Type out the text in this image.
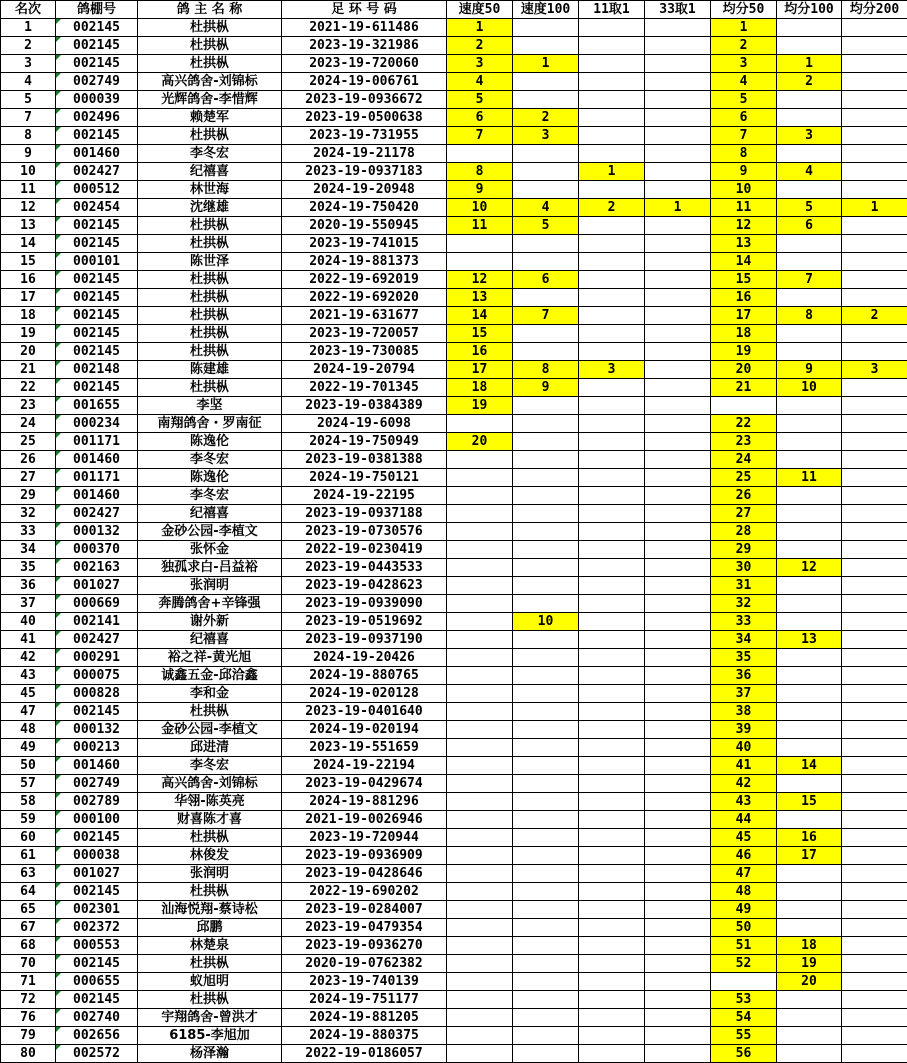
名次	鸽棚号	鸽 主 名 称	足 环 号 码	速度50	速度100	11取1	33取1	均分50	均分100	均分200
1	002145	杜拱枞	2021-19-611486	1				1		
2	002145	杜拱枞	2023-19-321986	2				2		
3	002145	杜拱枞	2023-19-720060	3	1			3	1	
4	002749	高兴鸽舍-刘锦标	2024-19-006761	4				4	2	
5	000039	光辉鸽舍-李惜辉	2023-19-0936672	5				5		
7	002496	赖楚军	2023-19-0500638	6	2			6		
8	002145	杜拱枞	2023-19-731955	7	3			7	3	
9	001460	李冬宏	2024-19-21178					8		
10	002427	纪禧喜	2023-19-0937183	8		1		9	4	
11	000512	林世海	2024-19-20948	9				10		
12	002454	沈继雄	2024-19-750420	10	4	2	1	11	5	1
13	002145	杜拱枞	2020-19-550945	11	5			12	6	
14	002145	杜拱枞	2023-19-741015					13		
15	000101	陈世泽	2024-19-881373					14		
16	002145	杜拱枞	2022-19-692019	12	6			15	7	
17	002145	杜拱枞	2022-19-692020	13				16		
18	002145	杜拱枞	2021-19-631677	14	7			17	8	2
19	002145	杜拱枞	2023-19-720057	15				18		
20	002145	杜拱枞	2023-19-730085	16				19		
21	002148	陈建雄	2024-19-20794	17	8	3		20	9	3
22	002145	杜拱枞	2022-19-701345	18	9			21	10	
23	001655	李坚	2023-19-0384389	19						
24	000234	南翔鸽舍・罗南征	2024-19-6098					22		
25	001171	陈逸伦	2024-19-750949	20				23		
26	001460	李冬宏	2023-19-0381388					24		
27	001171	陈逸伦	2024-19-750121					25	11	
29	001460	李冬宏	2024-19-22195					26		
32	002427	纪禧喜	2023-19-0937188					27		
33	000132	金砂公园-李植文	2023-19-0730576					28		
34	000370	张怀金	2022-19-0230419					29		
35	002163	独孤求白-吕益裕	2023-19-0443533					30	12	
36	001027	张润明	2023-19-0428623					31		
37	000669	奔腾鸽舍+辛锋强	2023-19-0939090					32		
40	002141	谢外新	2023-19-0519692		10			33		
41	002427	纪禧喜	2023-19-0937190					34	13	
42	000291	裕之祥-黄光旭	2024-19-20426					35		
43	000075	诚鑫五金-邱洽鑫	2024-19-880765					36		
45	000828	李和金	2024-19-020128					37		
47	002145	杜拱枞	2023-19-0401640					38		
48	000132	金砂公园-李植文	2024-19-020194					39		
49	000213	邱进清	2023-19-551659					40		
50	001460	李冬宏	2024-19-22194					41	14	
57	002749	高兴鸽舍-刘锦标	2023-19-0429674					42		
58	002789	华翎-陈英亮	2024-19-881296					43	15	
59	000100	财喜陈才喜	2021-19-0026946					44		
60	002145	杜拱枞	2023-19-720944					45	16	
61	000038	林俊发	2023-19-0936909					46	17	
63	001027	张润明	2023-19-0428646					47		
64	002145	杜拱枞	2022-19-690202					48		
65	002301	汕海悦翔-蔡诗松	2023-19-0284007					49		
67	002372	邱鹏	2023-19-0479354					50		
68	000553	林楚泉	2023-19-0936270					51	18	
70	002145	杜拱枞	2020-19-0762382					52	19	
71	000655	蚁旭明	2023-19-740139						20	
72	002145	杜拱枞	2024-19-751177					53		
76	002740	宇翔鸽舍-曾洪才	2024-19-881205					54		
79	002656	6185-李旭加	2024-19-880375					55		
80	002572	杨泽瀚	2022-19-0186057					56		
